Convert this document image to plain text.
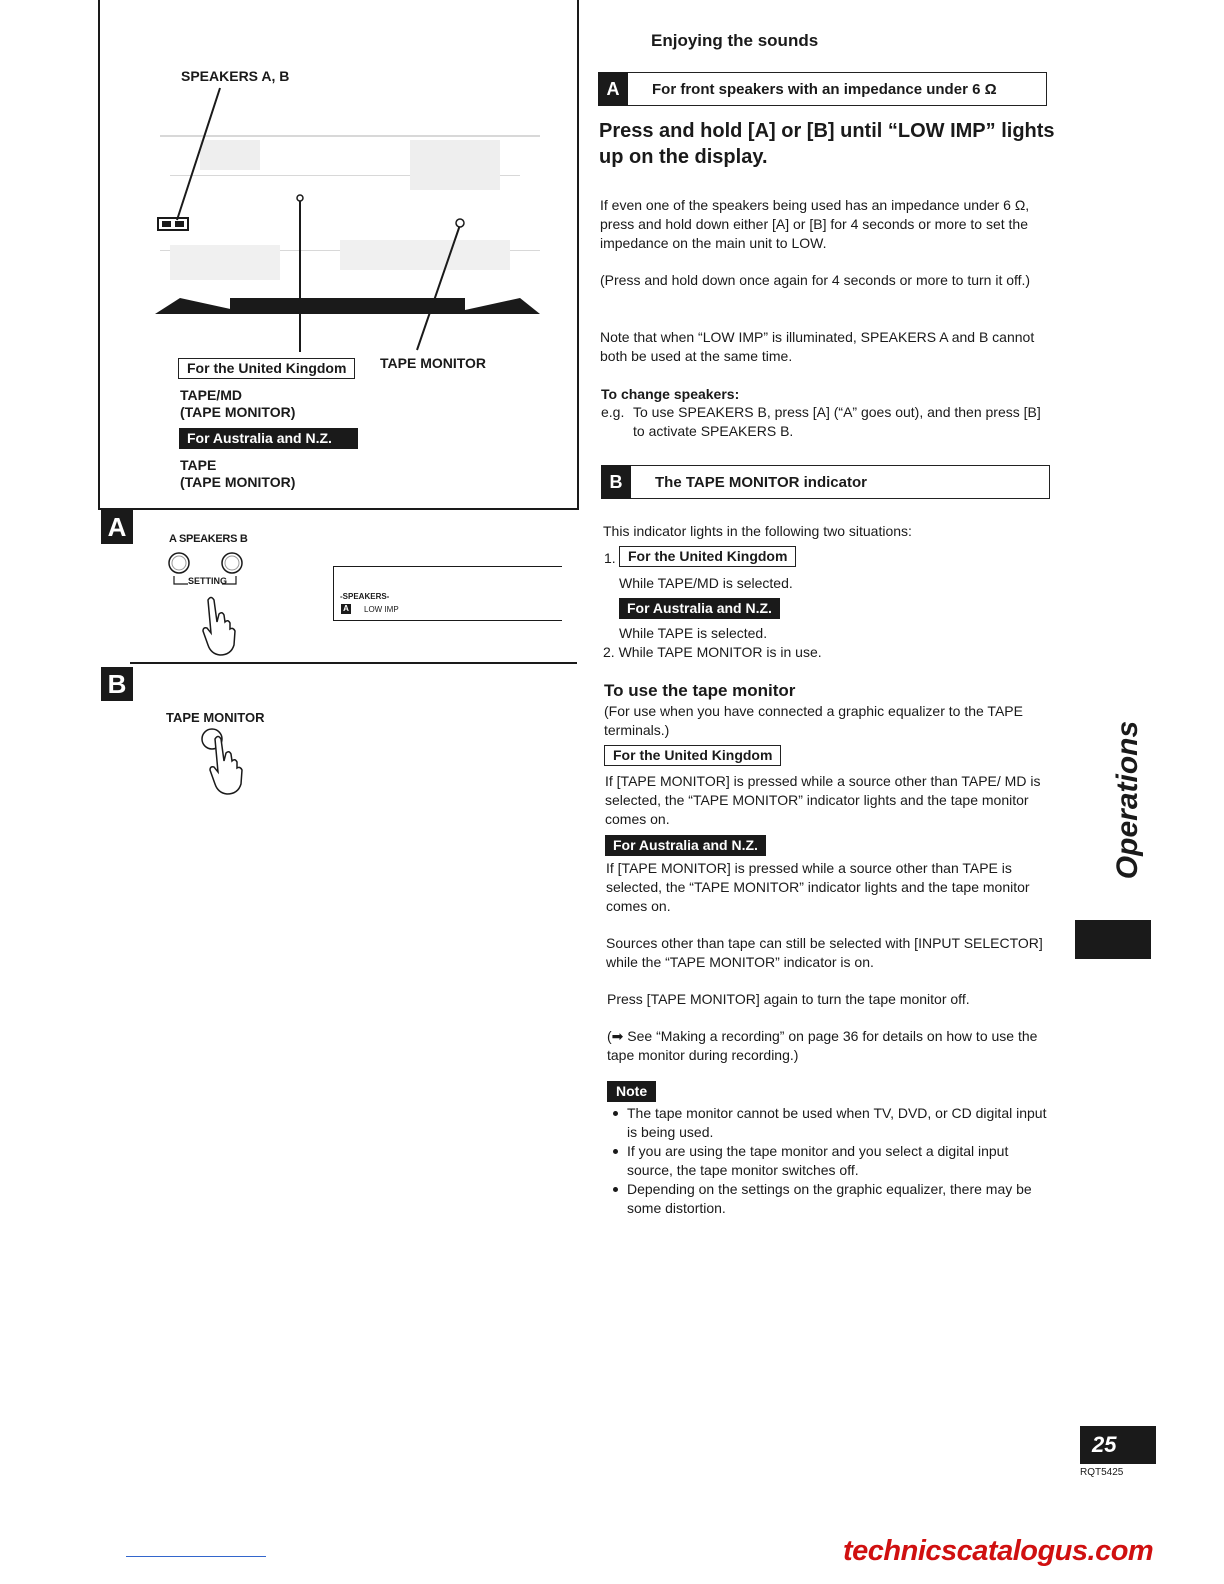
SPEAKERS A, B
TAPE MONITOR
For the United Kingdom
TAPE/MD
(TAPE MONITOR)
For Australia and N.Z.
TAPE
(TAPE MONITOR)
A	A SPEAKERS B
SETTING
-SPEAKERS-
A LOW IMP
B
TAPE MONITOR
Enjoying the sounds
A	For front speakers with an impedance under 6 Ω
Press and hold [A] or [B] until “LOW IMP” lights up on the display.
If even one of the speakers being used has an impedance under 6 Ω, press and hold down either [A] or [B] for 4 seconds or more to set the impedance on the main unit to LOW.
(Press and hold down once again for 4 seconds or more to turn it off.)
Note that when “LOW IMP” is illuminated, SPEAKERS A and B cannot both be used at the same time.
To change speakers:
e.g. To use SPEAKERS B, press [A] (“A” goes out), and then press [B] to activate SPEAKERS B.
B	The TAPE MONITOR indicator
This indicator lights in the following two situations:
1. For the United Kingdom
While TAPE/MD is selected.
For Australia and N.Z.
While TAPE is selected.
2. While TAPE MONITOR is in use.
To use the tape monitor
(For use when you have connected a graphic equalizer to the TAPE terminals.)
For the United Kingdom
If [TAPE MONITOR] is pressed while a source other than TAPE/ MD is selected, the “TAPE MONITOR” indicator lights and the tape monitor comes on.
For Australia and N.Z.
If [TAPE MONITOR] is pressed while a source other than TAPE is selected, the “TAPE MONITOR” indicator lights and the tape monitor comes on.
Sources other than tape can still be selected with [INPUT SELECTOR] while the “TAPE MONITOR” indicator is on.
Press [TAPE MONITOR] again to turn the tape monitor off.
(➡ See “Making a recording” on page 36 for details on how to use the tape monitor during recording.)
Note
The tape monitor cannot be used when TV, DVD, or CD digital input is being used.
If you are using the tape monitor and you select a digital input source, the tape monitor switches off.
Depending on the settings on the graphic equalizer, there may be some distortion.
Operations
25
RQT5425
technicscatalogus.com
